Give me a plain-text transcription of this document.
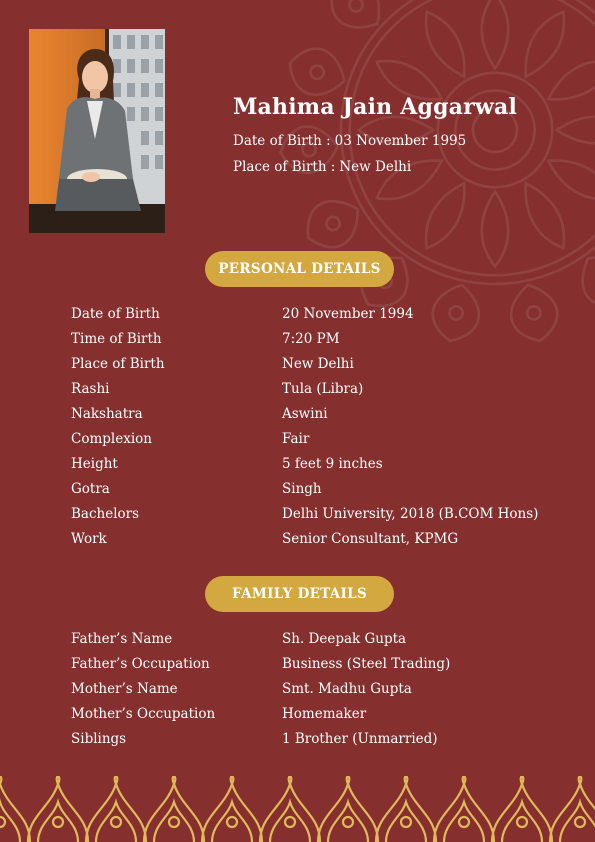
Mahima Jain Aggarwal
Date of Birth : 03 November 1995
Place of Birth : New Delhi
PERSONAL DETAILS
Date of Birth	20 November 1994
Time of Birth	7:20 PM
Place of Birth	New Delhi
Rashi	Tula (Libra)
Nakshatra	Aswini
Complexion	Fair
Height	5 feet 9 inches
Gotra	Singh
Bachelors	Delhi University, 2018 (B.COM Hons)
Work	Senior Consultant, KPMG
FAMILY DETAILS
Father’s Name	Sh. Deepak Gupta
Father’s Occupation	Business (Steel Trading)
Mother’s Name	Smt. Madhu Gupta
Mother’s Occupation	Homemaker
Siblings	1 Brother (Unmarried)
